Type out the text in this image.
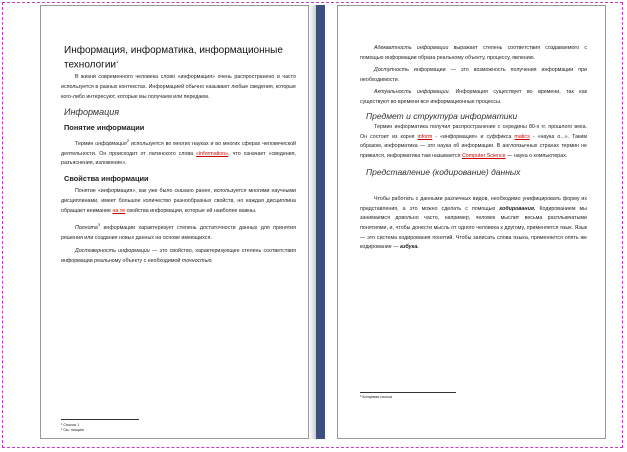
Информация, информатика, информационные технологии$^1$

В жизни современного человека слово «информация» очень распространено и часто используется в разных контекстах. Информацией обычно называют любые сведения, которые кого-либо интересуют, которые мы получаем или передаем.

Информация
Понятие информации

Термин информация$^2$ используется во многих науках и во многих сферах человеческой деятельности. Он происходит от латинского слова «information», что означает «сведения, разъяснения, изложение».

Свойства информации

Понятие «информация», как уже было сказано ранее, используется многими научными дисциплинами, имеет большое количество разнообразных свойств, но каждая дисциплина обращает внимание на те свойства информации, которые ей наиболее важны.

Полнота$^3$ информации характеризует степень достаточности данных для принятия решения или создания новых данных на основе имеющихся.

Достоверность информации — это свойство, характеризующее степень соответствия информации реальному объекту с необходимой точностью.

¹ Сноска 1
² См. лекцию

Адекватность информации выражает степень соответствия создаваемого с помощью информации образа реальному объекту, процессу, явлению.

Доступность информации — это возможность получения информации при необходимости.

Актуальность информации. Информация существует во времени, так как существуют во времени все информационные процессы.

Предмет и структура информатики

Термин информатика получил распространение с середины 80-х гг. прошлого века. Он состоит из корня inform - «информация» и суффикса matics - «наука о...». Таким образом, информатика — это наука об информации. В англоязычных странах термин не прижился, информатика там называется Computer Science — наука о компьютерах.

Представление (кодирование) данных

Чтобы работать с данными различных видов, необходимо унифицировать форму их представления, а это можно сделать с помощью кодирования. Кодированием мы занимаемся довольно часто, например, человек мыслит весьма расплывчатыми понятиями, и, чтобы донести мысль от одного человека к другому, применяется язык. Язык — это система кодирования понятий. Чтобы записать слова языка, применяется опять же кодирование — азбука.

³ Концевая сноска
